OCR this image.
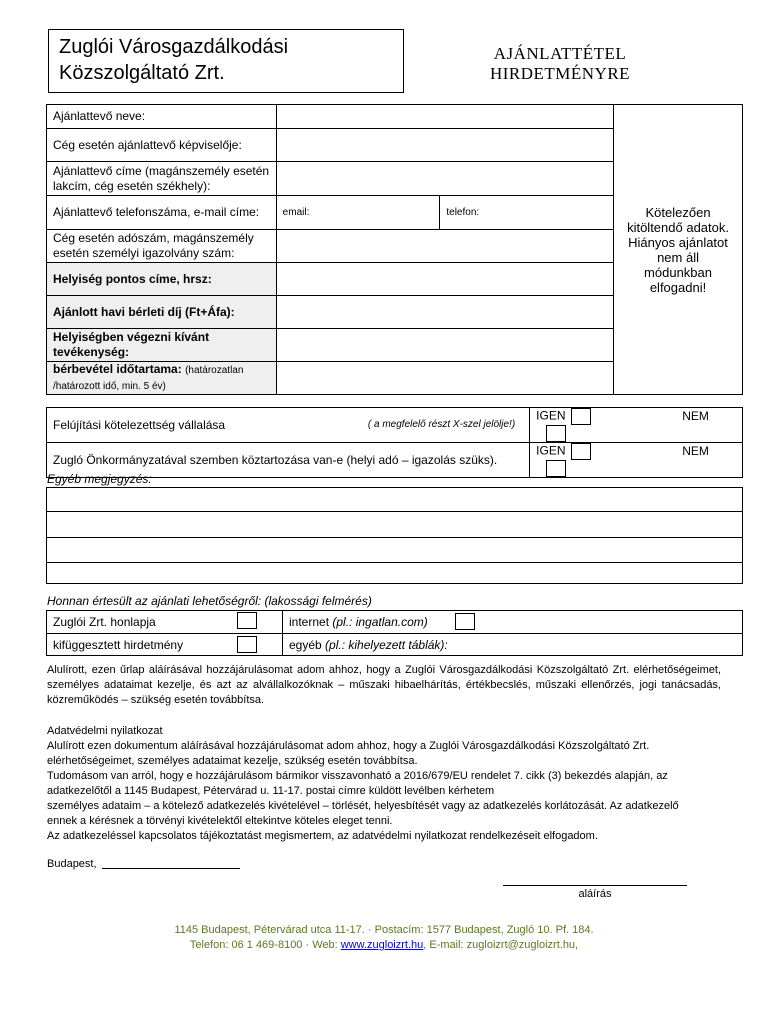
Zuglói Városgazdálkodási
Közszolgáltató Zrt.
AJÁNLATTÉTEL
HIRDETMÉNYRE
Ajánlattevő neve:			Kötelezően kitöltendő adatok. Hiányos ajánlatot nem áll módunkban elfogadni!

Cég esetén ajánlattevő képviselője:			
Ajánlattevő címe (magánszemély esetén lakcím, cég esetén székhely):			
Ajánlattevő telefonszáma, e-mail címe:	email:	telefon:	
Cég esetén adószám, magánszemély esetén személyi igazolvány szám:			
Helyiség pontos címe, hrsz:			
Ajánlott havi bérleti díj (Ft+Áfa):			
Helyiségben végezni kívánt tevékenység:			
bérbevétel időtartama: (határozatlan /határozott idő, min. 5 év)			
Felújítási kötelezettség vállalása ( a megfelelő részt X-szel jelölje!)	IGEN NEM
Zugló Önkormányzatával szemben köztartozása van-e (helyi adó – igazolás szüks).	IGEN NEM
Egyéb megjegyzés:

Honnan értesült az ajánlati lehetőségről: (lakossági felmérés)
Zuglói Zrt. honlapja	internet (pl.: ingatlan.com)

kifüggesztett hirdetmény	egyéb (pl.: kihelyezett táblák):
Alulírott, ezen űrlap aláírásával hozzájárulásomat adom ahhoz, hogy a Zuglói Városgazdálkodási Közszolgáltató Zrt. elérhetőségeimet, személyes adataimat kezelje, és azt az alvállalkozóknak – műszaki hibaelhárítás, értékbecslés, műszaki ellenőrzés, jogi tanácsadás, közreműködés – szükség esetén továbbítsa.
Adatvédelmi nyilatkozat
Alulírott ezen dokumentum aláírásával hozzájárulásomat adom ahhoz, hogy a Zuglói Városgazdálkodási Közszolgáltató Zrt.
elérhetőségeimet, személyes adataimat kezelje, szükség esetén továbbítsa.
Tudomásom van arról, hogy e hozzájárulásom bármikor visszavonható a 2016/679/EU rendelet 7. cikk (3) bekezdés alapján, az
adatkezelőtől a 1145 Budapest, Pétervárad u. 11-17. postai címre küldött levélben kérhetem
személyes adataim – a kötelező adatkezelés kivételével – törlését, helyesbítését vagy az adatkezelés korlátozását. Az adatkezelő
ennek a kérésnek a törvényi kivételektől eltekintve köteles eleget tenni.
Az adatkezeléssel kapcsolatos tájékoztatást megismertem, az adatvédelmi nyilatkozat rendelkezéseit elfogadom.
Budapest,
aláírás
1145 Budapest, Pétervárad utca 11-17. · Postacím: 1577 Budapest, Zugló 10. Pf. 184.
Telefon: 06 1 469-8100 · Web: www.zugloizrt.hu, E-mail: zugloizrt@zugloizrt.hu,
